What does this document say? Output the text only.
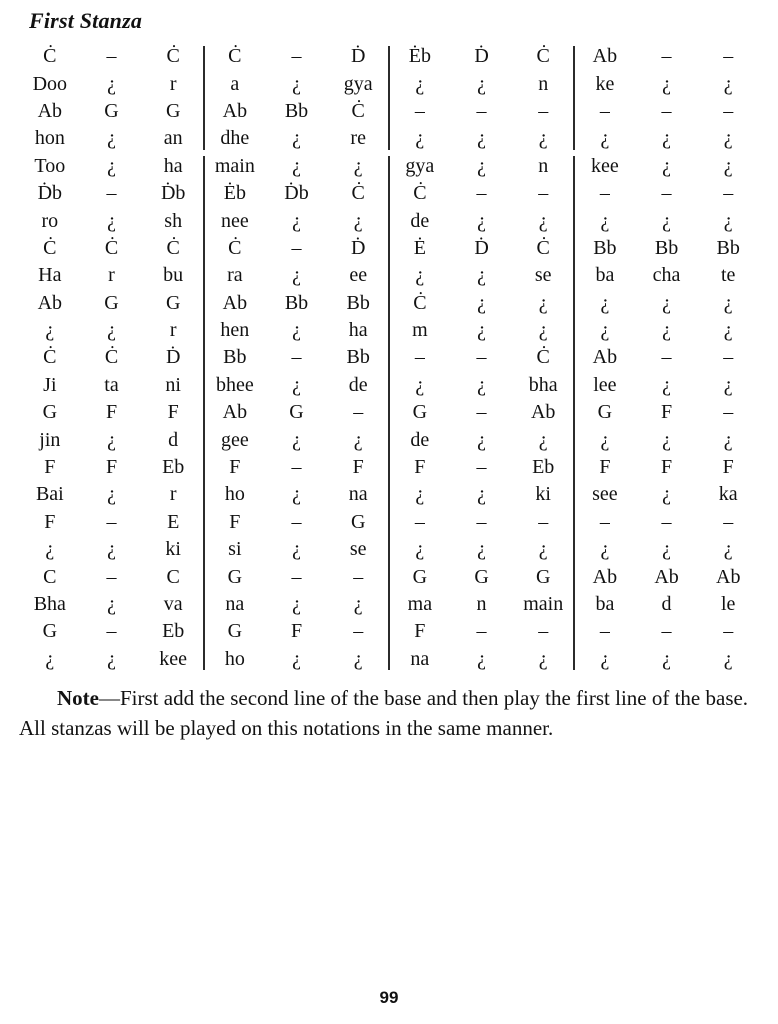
First Stanza
Ċ	–	Ċ	Ċ	–	Ḋ	Ėb	Ḋ	Ċ	Ab	–	–
Doo	¿	r	a	¿	gya	¿	¿	n	ke	¿	¿
Ab	G	G	Ab	Bb	Ċ	–	–	–	–	–	–
hon	¿	an	dhe	¿	re	¿	¿	¿	¿	¿	¿
Too	¿	ha	main	¿	¿	gya	¿	n	kee	¿	¿
Ḋb	–	Ḋb	Ėb	Ḋb	Ċ	Ċ	–	–	–	–	–
ro	¿	sh	nee	¿	¿	de	¿	¿	¿	¿	¿
Ċ	Ċ	Ċ	Ċ	–	Ḋ	Ė	Ḋ	Ċ	Bb	Bb	Bb
Ha	r	bu	ra	¿	ee	¿	¿	se	ba	cha	te
Ab	G	G	Ab	Bb	Bb	Ċ	¿	¿	¿	¿	¿
¿	¿	r	hen	¿	ha	m	¿	¿	¿	¿	¿
Ċ	Ċ	Ḋ	Bb	–	Bb	–	–	Ċ	Ab	–	–
Ji	ta	ni	bhee	¿	de	¿	¿	bha	lee	¿	¿
G	F	F	Ab	G	–	G	–	Ab	G	F	–
jin	¿	d	gee	¿	¿	de	¿	¿	¿	¿	¿
F	F	Eb	F	–	F	F	–	Eb	F	F	F
Bai	¿	r	ho	¿	na	¿	¿	ki	see	¿	ka
F	–	E	F	–	G	–	–	–	–	–	–
¿	¿	ki	si	¿	se	¿	¿	¿	¿	¿	¿
C	–	C	G	–	–	G	G	G	Ab	Ab	Ab
Bha	¿	va	na	¿	¿	ma	n	main	ba	d	le
G	–	Eb	G	F	–	F	–	–	–	–	–
¿	¿	kee	ho	¿	¿	na	¿	¿	¿	¿	¿

Note—First add the second line of the base and then play the first line of the base. All stanzas will be played on this notations in the same manner.

99
